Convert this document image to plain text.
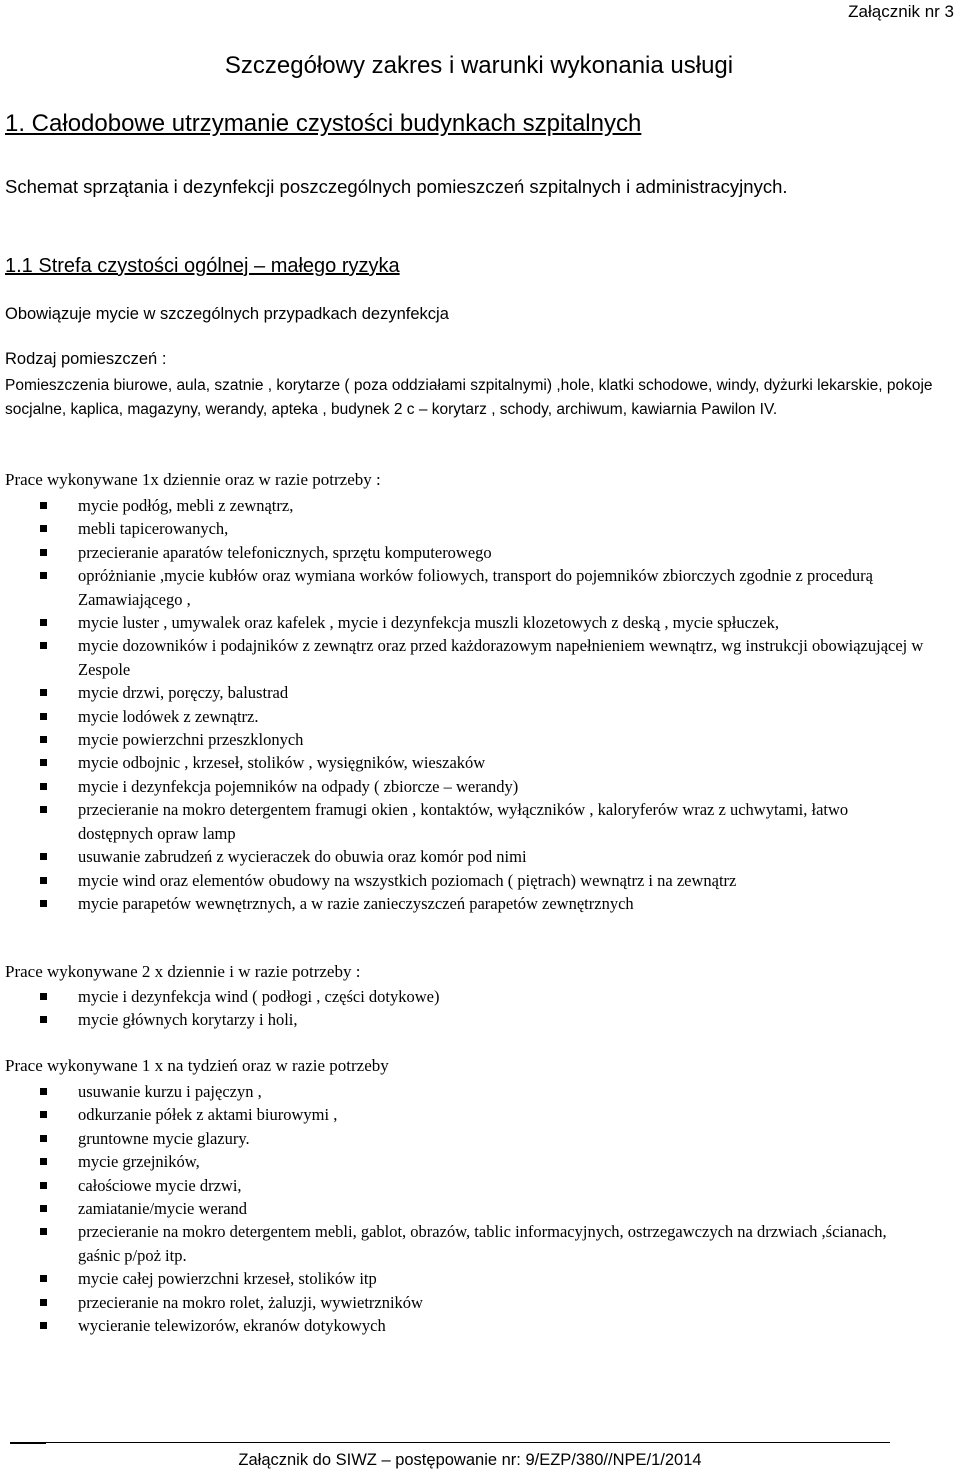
Załącznik nr 3
Szczegółowy zakres i warunki wykonania usługi
1. Całodobowe utrzymanie czystości budynkach szpitalnych
Schemat sprzątania i dezynfekcji poszczególnych pomieszczeń szpitalnych i administracyjnych.
1.1 Strefa czystości ogólnej – małego ryzyka
Obowiązuje mycie w szczególnych przypadkach dezynfekcja
Rodzaj pomieszczeń :
Pomieszczenia biurowe, aula, szatnie , korytarze ( poza oddziałami szpitalnymi) ,hole, klatki schodowe, windy, dyżurki lekarskie, pokoje socjalne, kaplica, magazyny, werandy, apteka , budynek 2 c – korytarz , schody, archiwum, kawiarnia Pawilon IV.
Prace wykonywane 1x dziennie oraz w razie potrzeby :
mycie podłóg, mebli z zewnątrz,
mebli tapicerowanych,
przecieranie aparatów telefonicznych, sprzętu komputerowego
opróżnianie ,mycie kubłów oraz wymiana worków foliowych, transport do pojemników zbiorczych zgodnie z procedurą Zamawiającego ,
mycie luster , umywalek oraz kafelek , mycie i dezynfekcja muszli klozetowych z deską , mycie spłuczek,
mycie dozowników i podajników z zewnątrz oraz przed każdorazowym napełnieniem wewnątrz, wg instrukcji obowiązującej w Zespole
mycie drzwi, poręczy, balustrad
mycie lodówek z zewnątrz.
mycie powierzchni przeszklonych
mycie odbojnic , krzeseł, stolików , wysięgników, wieszaków
mycie i dezynfekcja pojemników na odpady ( zbiorcze – werandy)
przecieranie na mokro detergentem framugi okien , kontaktów, wyłączników , kaloryferów wraz z uchwytami, łatwo dostępnych opraw lamp
usuwanie zabrudzeń z wycieraczek do obuwia oraz komór pod nimi
mycie wind oraz elementów obudowy na wszystkich poziomach ( piętrach) wewnątrz i na zewnątrz
mycie parapetów wewnętrznych, a w razie zanieczyszczeń parapetów zewnętrznych
Prace wykonywane 2 x dziennie i w razie potrzeby :
mycie i dezynfekcja wind ( podłogi , części dotykowe)
mycie głównych korytarzy i holi,
Prace wykonywane 1 x na tydzień oraz w razie potrzeby
usuwanie kurzu i pajęczyn ,
odkurzanie półek z aktami biurowymi ,
gruntowne mycie glazury.
mycie grzejników,
całościowe mycie drzwi,
zamiatanie/mycie werand
przecieranie na mokro detergentem mebli, gablot, obrazów, tablic informacyjnych, ostrzegawczych na drzwiach ,ścianach, gaśnic p/poż itp.
mycie całej powierzchni krzeseł, stolików itp
przecieranie na mokro rolet, żaluzji, wywietrzników
wycieranie telewizorów, ekranów dotykowych
Załącznik do SIWZ – postępowanie nr: 9/EZP/380//NPE/1/2014
